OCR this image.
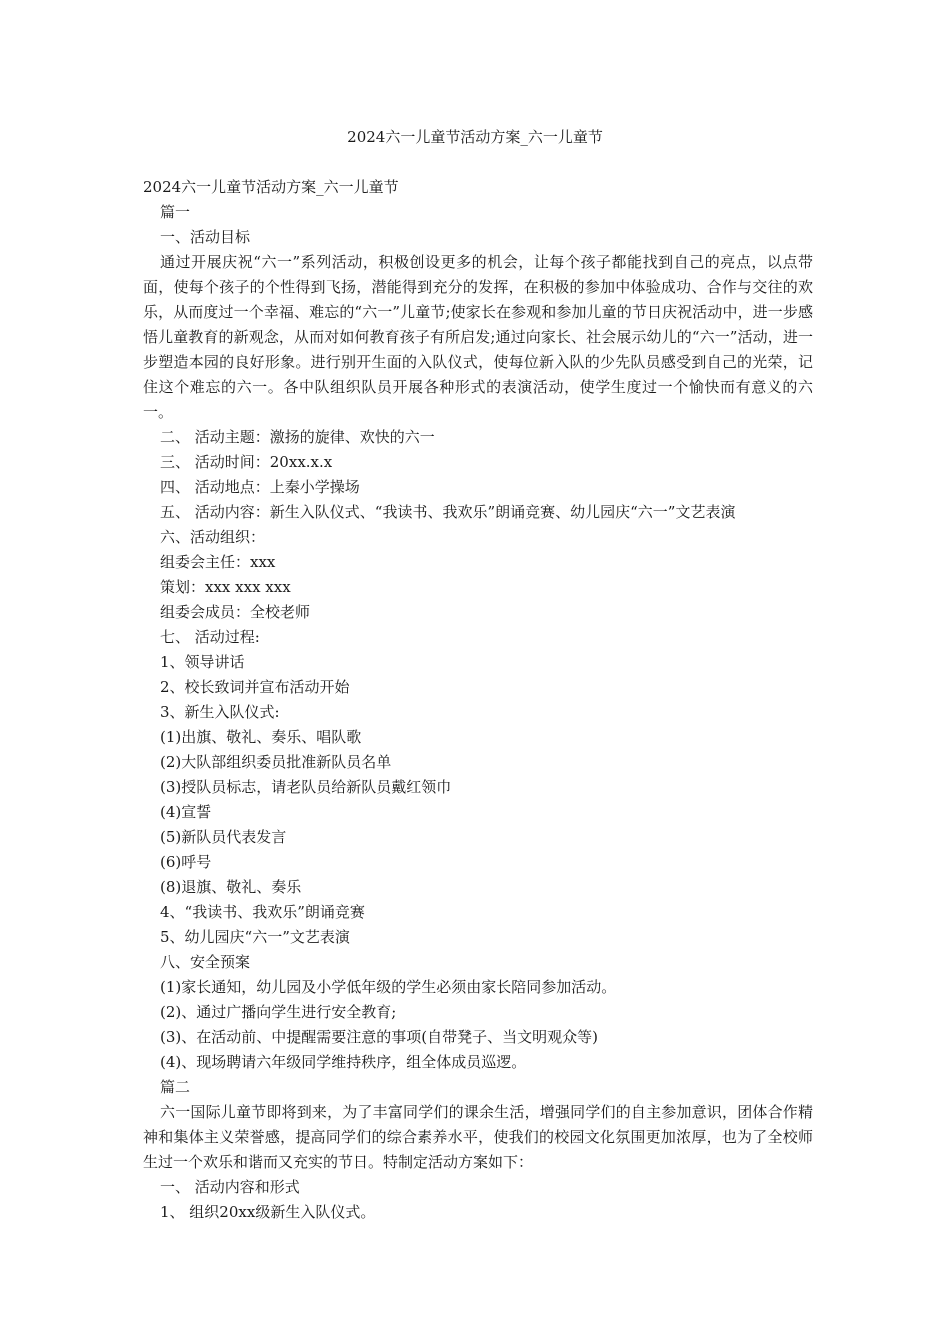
2024六一儿童节活动方案_六一儿童节
2024六一儿童节活动方案_六一儿童节
篇一
一、活动目标
通过开展庆祝“六一”系列活动，积极创设更多的机会，让每个孩子都能找到自己的亮点，以点带面，使每个孩子的个性得到飞扬，潜能得到充分的发挥，在积极的参加中体验成功、合作与交往的欢乐，从而度过一个幸福、难忘的“六一”儿童节;使家长在参观和参加儿童的节日庆祝活动中，进一步感悟儿童教育的新观念，从而对如何教育孩子有所启发;通过向家长、社会展示幼儿的“六一”活动，进一步塑造本园的良好形象。进行别开生面的入队仪式，使每位新入队的少先队员感受到自己的光荣，记住这个难忘的六一。各中队组织队员开展各种形式的表演活动，使学生度过一个愉快而有意义的六一。
二、 活动主题：激扬的旋律、欢快的六一
三、 活动时间：20xx.x.x
四、 活动地点：上秦小学操场
五、 活动内容：新生入队仪式、“我读书、我欢乐”朗诵竞赛、幼儿园庆“六一”文艺表演
六、活动组织：
组委会主任：xxx
策划：xxx xxx xxx
组委会成员：全校老师
七、 活动过程:
1、领导讲话
2、校长致词并宣布活动开始
3、新生入队仪式:
(1)出旗、敬礼、奏乐、唱队歌
(2)大队部组织委员批准新队员名单
(3)授队员标志，请老队员给新队员戴红领巾
(4)宣誓
(5)新队员代表发言
(6)呼号
(8)退旗、敬礼、奏乐
4、“我读书、我欢乐”朗诵竞赛
5、幼儿园庆“六一”文艺表演
八、安全预案
(1)家长通知，幼儿园及小学低年级的学生必须由家长陪同参加活动。
(2)、通过广播向学生进行安全教育;
(3)、在活动前、中提醒需要注意的事项(自带凳子、当文明观众等)
(4)、现场聘请六年级同学维持秩序，组全体成员巡逻。
篇二
六一国际儿童节即将到来，为了丰富同学们的课余生活，增强同学们的自主参加意识，团体合作精神和集体主义荣誉感，提高同学们的综合素养水平，使我们的校园文化氛围更加浓厚，也为了全校师生过一个欢乐和谐而又充实的节日。特制定活动方案如下：
一、 活动内容和形式
1、 组织20xx级新生入队仪式。
